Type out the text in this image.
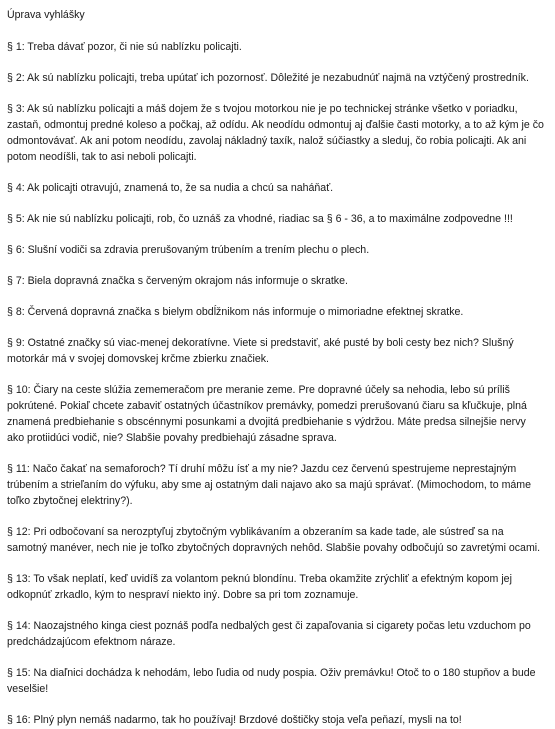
Úprava vyhlášky
§ 1: Treba dávať pozor, či nie sú nablízku policajti.
§ 2: Ak sú nablízku policajti, treba upútať ich pozornosť. Dôležité je nezabudnúť najmä na vztýčený prostredník.
§ 3: Ak sú nablízku policajti a máš dojem že s tvojou motorkou nie je po technickej stránke všetko v poriadku, zastaň, odmontuj predné koleso a počkaj, až odídu. Ak neodídu odmontuj aj ďalšie časti motorky, a to až kým je čo odmontovávať. Ak ani potom neodídu, zavolaj nákladný taxík, nalož súčiastky a sleduj, čo robia policajti. Ak ani potom neodíšli, tak to asi neboli policajti.
§ 4: Ak policajti otravujú, znamená to, že sa nudia a chcú sa naháňať.
§ 5: Ak nie sú nablízku policajti, rob, čo uznáš za vhodné, riadiac sa § 6 - 36, a to maximálne zodpovedne !!!
§ 6: Slušní vodiči sa zdravia prerušovaným trúbením a trením plechu o plech.
§ 7: Biela dopravná značka s červeným okrajom nás informuje o skratke.
§ 8: Červená dopravná značka s bielym obdĺžnikom nás informuje o mimoriadne efektnej skratke.
§ 9: Ostatné značky sú viac-menej dekoratívne. Viete si predstaviť, aké pusté by boli cesty bez nich? Slušný motorkár má v svojej domovskej krčme zbierku značiek.
§ 10: Čiary na ceste slúžia zememeračom pre meranie zeme. Pre dopravné účely sa nehodia, lebo sú príliš pokrútené. Pokiaľ chcete zabaviť ostatných účastníkov premávky, pomedzi prerušovanú čiaru sa kľučkuje, plná znamená predbiehanie s obscénnymi posunkami a dvojitá predbiehanie s výdržou. Máte predsa silnejšie nervy ako protiidúci vodič, nie? Slabšie povahy predbiehajú zásadne sprava.
§ 11: Načo čakať na semaforoch? Tí druhí môžu ísť a my nie? Jazdu cez červenú spestrujeme neprestajným trúbením a strieľaním do výfuku, aby sme aj ostatným dali najavo ako sa majú správať. (Mimochodom, to máme toľko zbytočnej elektriny?).
§ 12: Pri odbočovaní sa nerozptyľuj zbytočným vyblikávaním a obzeraním sa kade tade, ale sústreď sa na samotný manéver, nech nie je toľko zbytočných dopravných nehôd. Slabšie povahy odbočujú so zavretými ocami.
§ 13: To však neplatí, keď uvidíš za volantom peknú blondínu. Treba okamžite zrýchliť a efektným kopom jej odkopnúť zrkadlo, kým to nespraví niekto iný. Dobre sa pri tom zoznamuje.
§ 14: Naozajstného kinga ciest poznáš podľa nedbalých gest či zapaľovania si cigarety počas letu vzduchom po predchádzajúcom efektnom náraze.
§ 15: Na diaľnici dochádza k nehodám, lebo ľudia od nudy pospia. Oživ premávku! Otoč to o 180 stupňov a bude veselšie!
§ 16: Plný plyn nemáš nadarmo, tak ho používaj! Brzdové doštičky stoja veľa peňazí, mysli na to!
